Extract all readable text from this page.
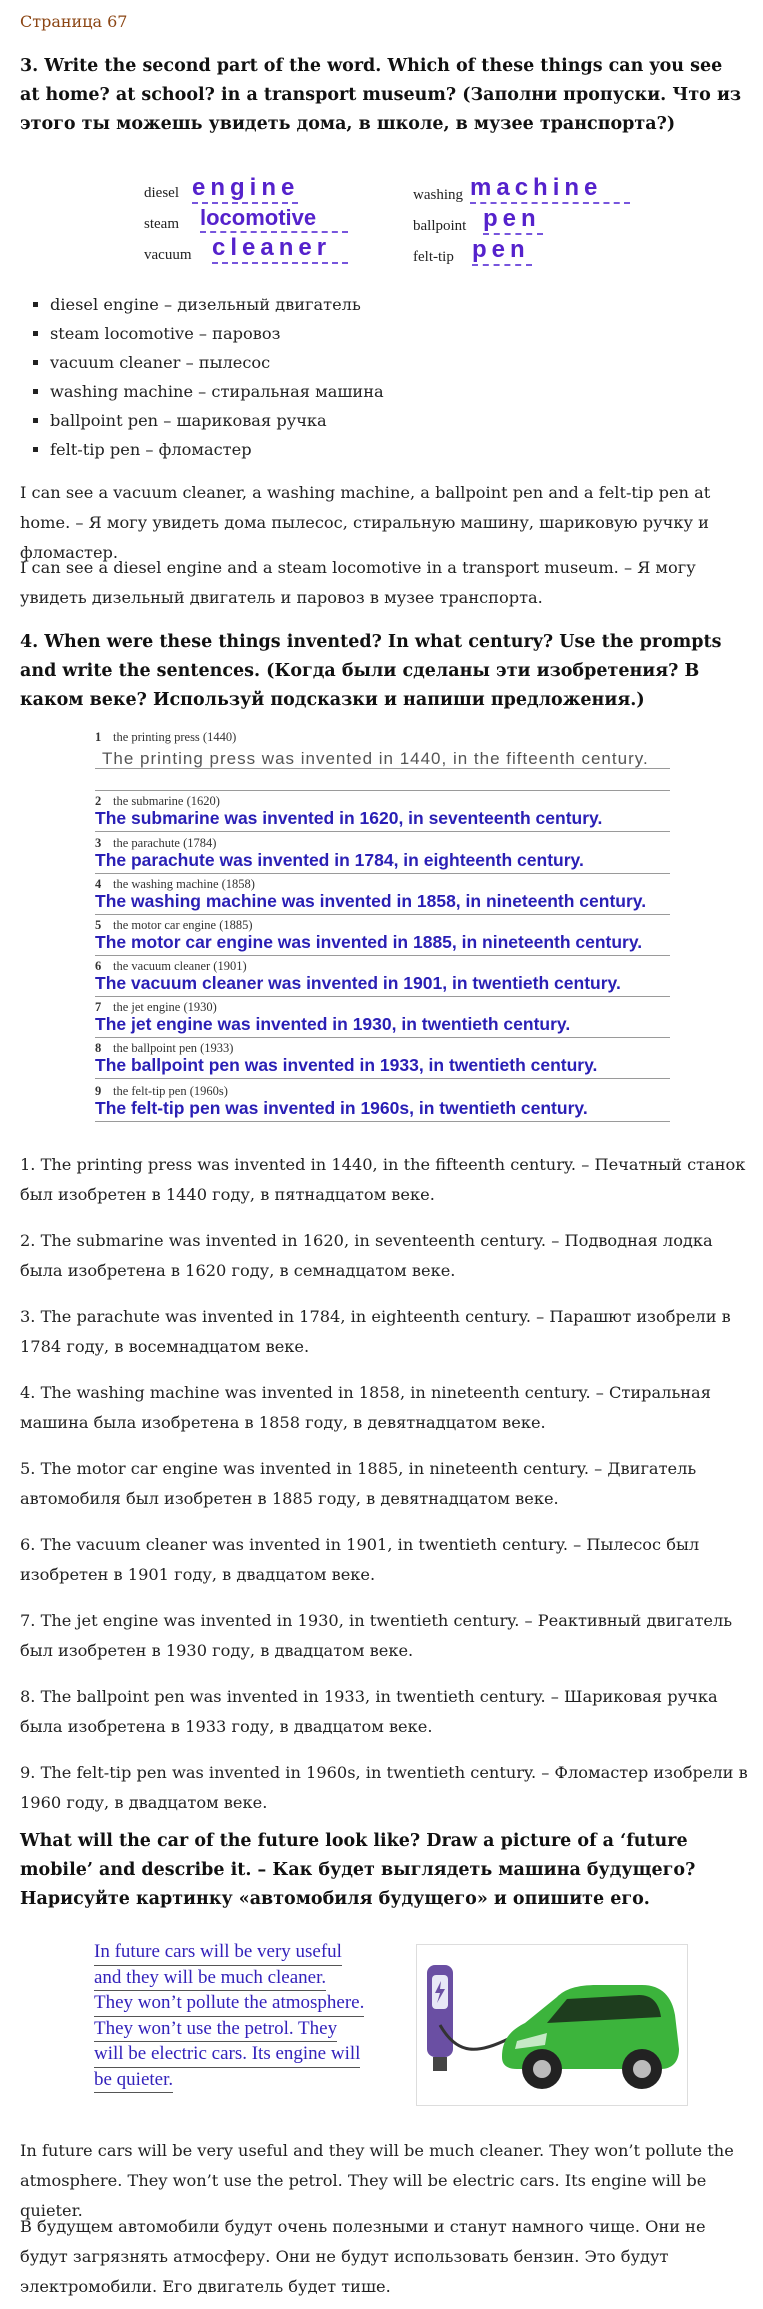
Страница 67
3. Write the second part of the word. Which of these things can you see at home? at school? in a transport museum? (Заполни пропуски. Что из этого ты можешь увидеть дома, в школе, в музее транспорта?)
diesel engine
steam locomotive
vacuum cleaner
washing machine
ballpoint pen
felt-tip pen
▪ diesel engine – дизельный двигатель
▪ steam locomotive – паровоз
▪ vacuum cleaner – пылесос
▪ washing machine – стиральная машина
▪ ballpoint pen – шариковая ручка
▪ felt-tip pen – фломастер
I can see a vacuum cleaner, a washing machine, a ballpoint pen and a felt-tip pen at home. – Я могу увидеть дома пылесос, стиральную машину, шариковую ручку и фломастер.
I can see a diesel engine and a steam locomotive in a transport museum. – Я могу увидеть дизельный двигатель и паровоз в музее транспорта.
4. When were these things invented? In what century? Use the prompts and write the sentences. (Когда были сделаны эти изобретения? В каком веке? Используй подсказки и напиши предложения.)
1 the printing press (1440)
The printing press was invented in 1440, in the fifteenth century.
2 the submarine (1620)
The submarine was invented in 1620, in seventeenth century.
3 the parachute (1784)
The parachute was invented in 1784, in eighteenth century.
4 the washing machine (1858)
The washing machine was invented in 1858, in nineteenth century.
5 the motor car engine (1885)
The motor car engine was invented in 1885, in nineteenth century.
6 the vacuum cleaner (1901)
The vacuum cleaner was invented in 1901, in twentieth century.
7 the jet engine (1930)
The jet engine was invented in 1930, in twentieth century.
8 the ballpoint pen (1933)
The ballpoint pen was invented in 1933, in twentieth century.
9 the felt-tip pen (1960s)
The felt-tip pen was invented in 1960s, in twentieth century.
1. The printing press was invented in 1440, in the fifteenth century. – Печатный станок был изобретен в 1440 году, в пятнадцатом веке.
2. The submarine was invented in 1620, in seventeenth century. – Подводная лодка была изобретена в 1620 году, в семнадцатом веке.
3. The parachute was invented in 1784, in eighteenth century. – Парашют изобрели в 1784 году, в восемнадцатом веке.
4. The washing machine was invented in 1858, in nineteenth century. – Стиральная машина была изобретена в 1858 году, в девятнадцатом веке.
5. The motor car engine was invented in 1885, in nineteenth century. – Двигатель автомобиля был изобретен в 1885 году, в девятнадцатом веке.
6. The vacuum cleaner was invented in 1901, in twentieth century. – Пылесос был изобретен в 1901 году, в двадцатом веке.
7. The jet engine was invented in 1930, in twentieth century. – Реактивный двигатель был изобретен в 1930 году, в двадцатом веке.
8. The ballpoint pen was invented in 1933, in twentieth century. – Шариковая ручка была изобретена в 1933 году, в двадцатом веке.
9. The felt-tip pen was invented in 1960s, in twentieth century. – Фломастер изобрели в 1960 году, в двадцатом веке.
What will the car of the future look like? Draw a picture of a ‘future mobile’ and describe it. – Как будет выглядеть машина будущего? Нарисуйте картинку «автомобиля будущего» и опишите его.
In future cars will be very useful
and they will be much cleaner.
They won’t pollute the atmosphere.
They won’t use the petrol. They
will be electric cars. Its engine will
be quieter.
In future cars will be very useful and they will be much cleaner. They won’t pollute the atmosphere. They won’t use the petrol. They will be electric cars. Its engine will be quieter.
В будущем автомобили будут очень полезными и станут намного чище. Они не будут загрязнять атмосферу. Они не будут использовать бензин. Это будут электромобили. Его двигатель будет тише.
